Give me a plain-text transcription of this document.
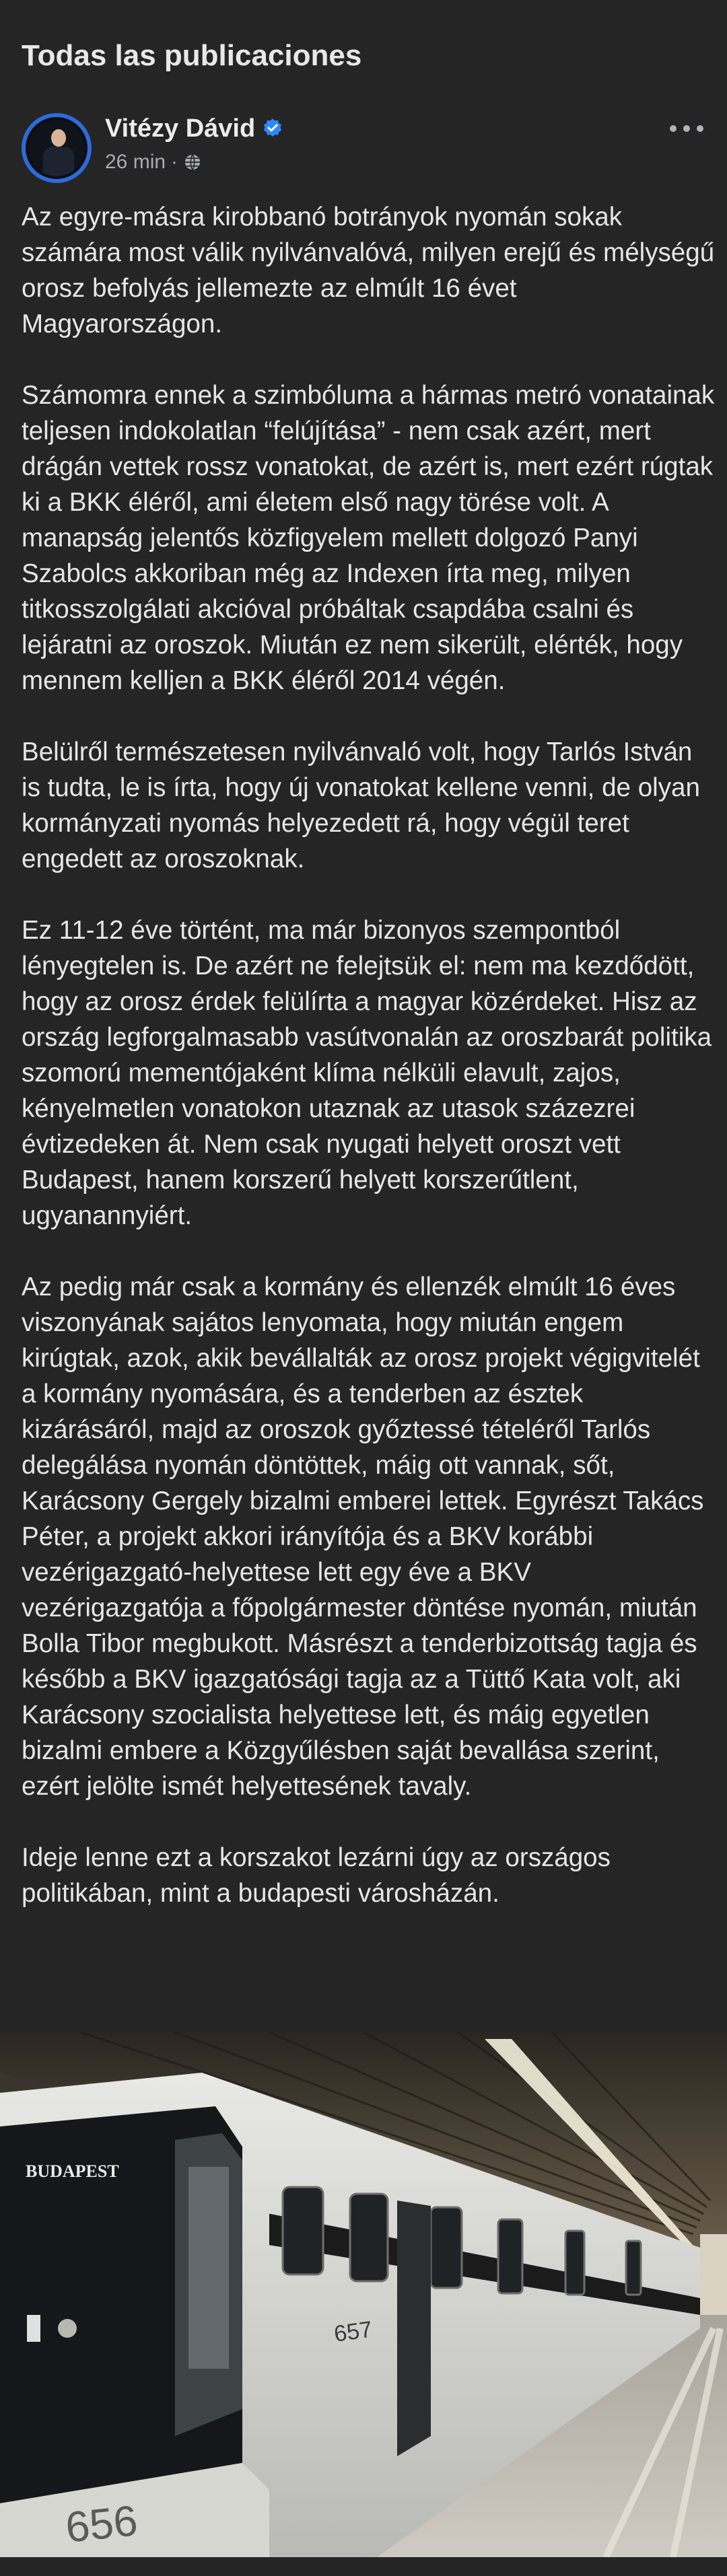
Todas las publicaciones
Vitézy Dávid
26 min ·

Az egyre-másra kirobbanó botrányok nyomán sokak számára most válik nyilvánvalóvá, milyen erejű és mélységű orosz befolyás jellemezte az elmúlt 16 évet Magyarországon.

Számomra ennek a szimbóluma a hármas metró vonatainak teljesen indokolatlan “felújítása” - nem csak azért, mert drágán vettek rossz vonatokat, de azért is, mert ezért rúgtak ki a BKK éléről, ami életem első nagy törése volt. A manapság jelentős közfigyelem mellett dolgozó Panyi Szabolcs akkoriban még az Indexen írta meg, milyen titkosszolgálati akcióval próbáltak csapdába csalni és lejáratni az oroszok. Miután ez nem sikerült, elérték, hogy mennem kelljen a BKK éléről 2014 végén.

Belülről természetesen nyilvánvaló volt, hogy Tarlós István is tudta, le is írta, hogy új vonatokat kellene venni, de olyan kormányzati nyomás helyezedett rá, hogy végül teret engedett az oroszoknak.

Ez 11-12 éve történt, ma már bizonyos szempontból lényegtelen is. De azért ne felejtsük el: nem ma kezdődött, hogy az orosz érdek felülírta a magyar közérdeket. Hisz az ország legforgalmasabb vasútvonalán az oroszbarát politika szomorú mementójaként klíma nélküli elavult, zajos, kényelmetlen vonatokon utaznak az utasok százezrei évtizedeken át. Nem csak nyugati helyett oroszt vett Budapest, hanem korszerű helyett korszerűtlent, ugyanannyiért.

Az pedig már csak a kormány és ellenzék elmúlt 16 éves viszonyának sajátos lenyomata, hogy miután engem kirúgtak, azok, akik bevállalták az orosz projekt végigvitelét a kormány nyomására, és a tenderben az észtek kizárásáról, majd az oroszok győztessé tételéről Tarlós delegálása nyomán döntöttek, máig ott vannak, sőt, Karácsony Gergely bizalmi emberei lettek. Egyrészt Takács Péter, a projekt akkori irányítója és a BKV korábbi vezérigazgató-helyettese lett egy éve a BKV vezérigazgatója a főpolgármester döntése nyomán, miután Bolla Tibor megbukott. Másrészt a tenderbizottság tagja és később a BKV igazgatósági tagja az a Tüttő Kata volt, aki Karácsony szocialista helyettese lett, és máig egyetlen bizalmi embere a Közgyűlésben saját bevallása szerint, ezért jelölte ismét helyettesének tavaly.

Ideje lenne ezt a korszakot lezárni úgy az országos politikában, mint a budapesti városházán.

657
BUDAPEST
656
